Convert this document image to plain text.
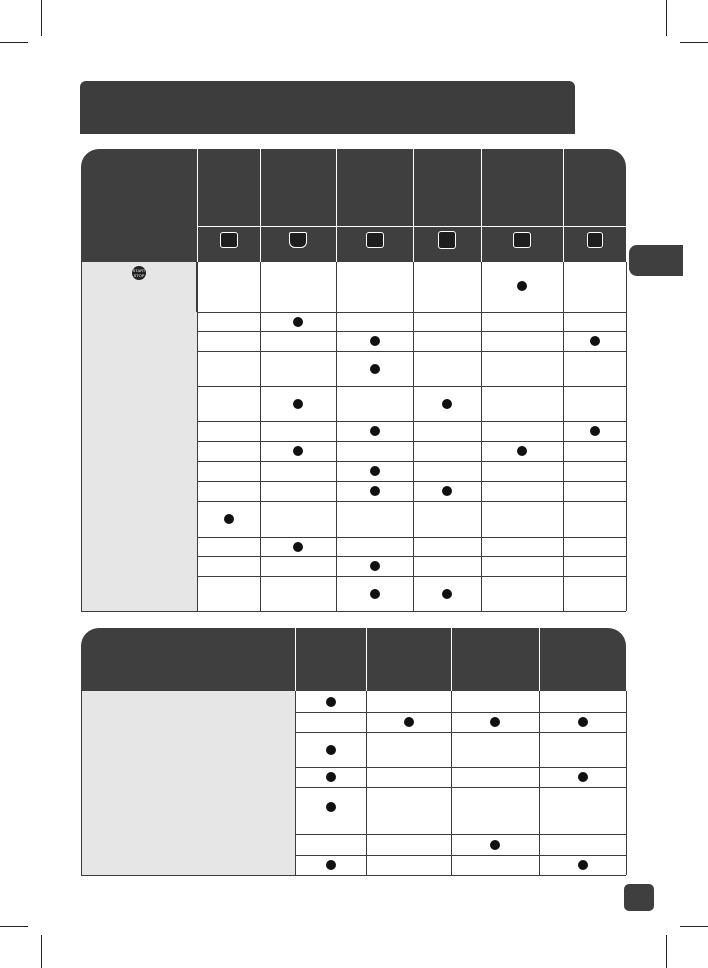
START STOP
